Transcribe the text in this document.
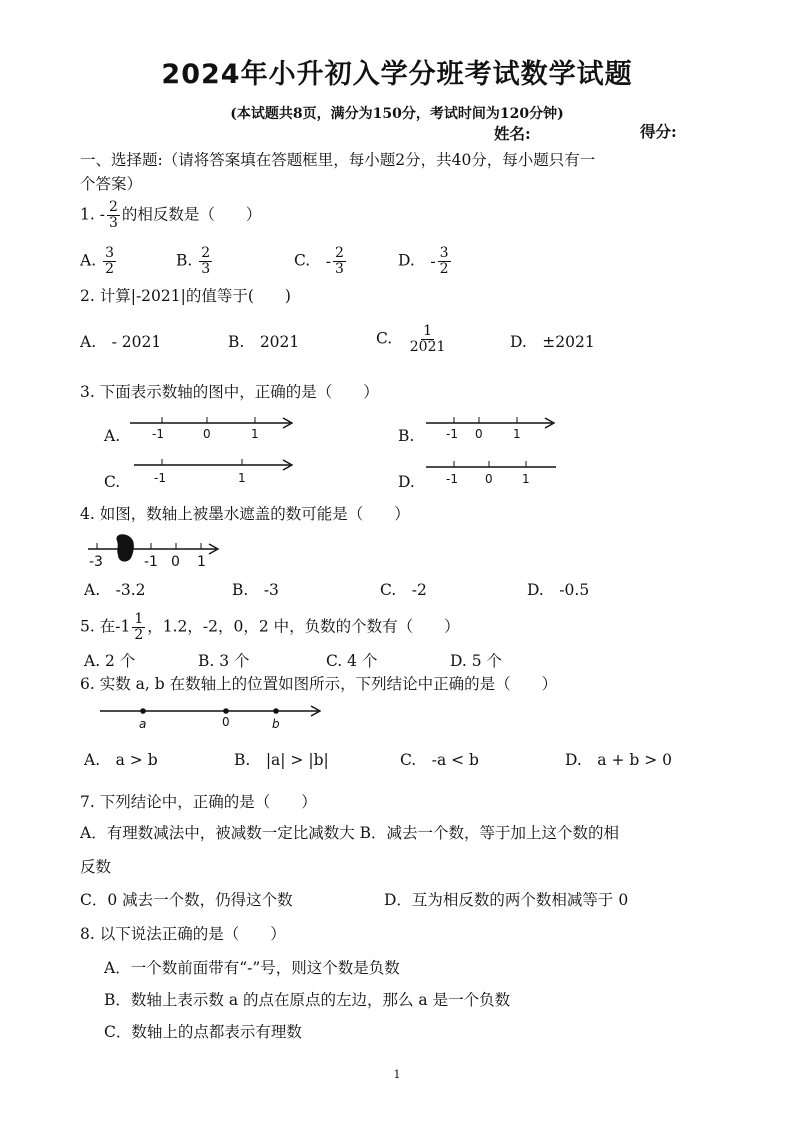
2024年小升初入学分班考试数学试题
(本试题共8页，满分为150分，考试时间为120分钟)
姓名:	得分:
一、选择题:（请将答案填在答题框里，每小题2分，共40分，每小题只有一
个答案）
1. - $\frac{2}{3}$ 的相反数是（　　）
A. $\frac{3}{2}$	B. $\frac{2}{3}$	C.　 - $\frac{2}{3}$	D.　 - $\frac{3}{2}$
2. 计算|-2021|的值等于(　　)
A.　- 2021	B.　2021	C.　 $\frac{1}{2021}$	D.　±2021
3. 下面表示数轴的图中，正确的是（　　）
A.	B.
C.	D.
-1	0	1	-1 0	1
-1	1	-1 0 1
-3	-1 0 1
a	0	b
4. 如图，数轴上被墨水遮盖的数可能是（　　）
A.　-3.2	B.　-3	C.　-2	D.　-0.5
5. 在$-1 \frac{1}{2}$ ，1.2，-2，0，2 中，负数的个数有（　　）
A. 2 个	B. 3 个	C. 4 个	D. 5 个
6. 实数 a, b 在数轴上的位置如图所示，下列结论中正确的是（　　）
A.　a > b	B.　|a| > |b|	C.　-a < b	D.　a + b > 0
7. 下列结论中，正确的是（　　）
A．有理数减法中，被减数一定比减数大 B．减去一个数，等于加上这个数的相
反数
C．0 减去一个数，仍得这个数	D．互为相反数的两个数相减等于 0
8. 以下说法正确的是（　　）
A．一个数前面带有“-”号，则这个数是负数
B．数轴上表示数 a 的点在原点的左边，那么 a 是一个负数
C．数轴上的点都表示有理数
1
